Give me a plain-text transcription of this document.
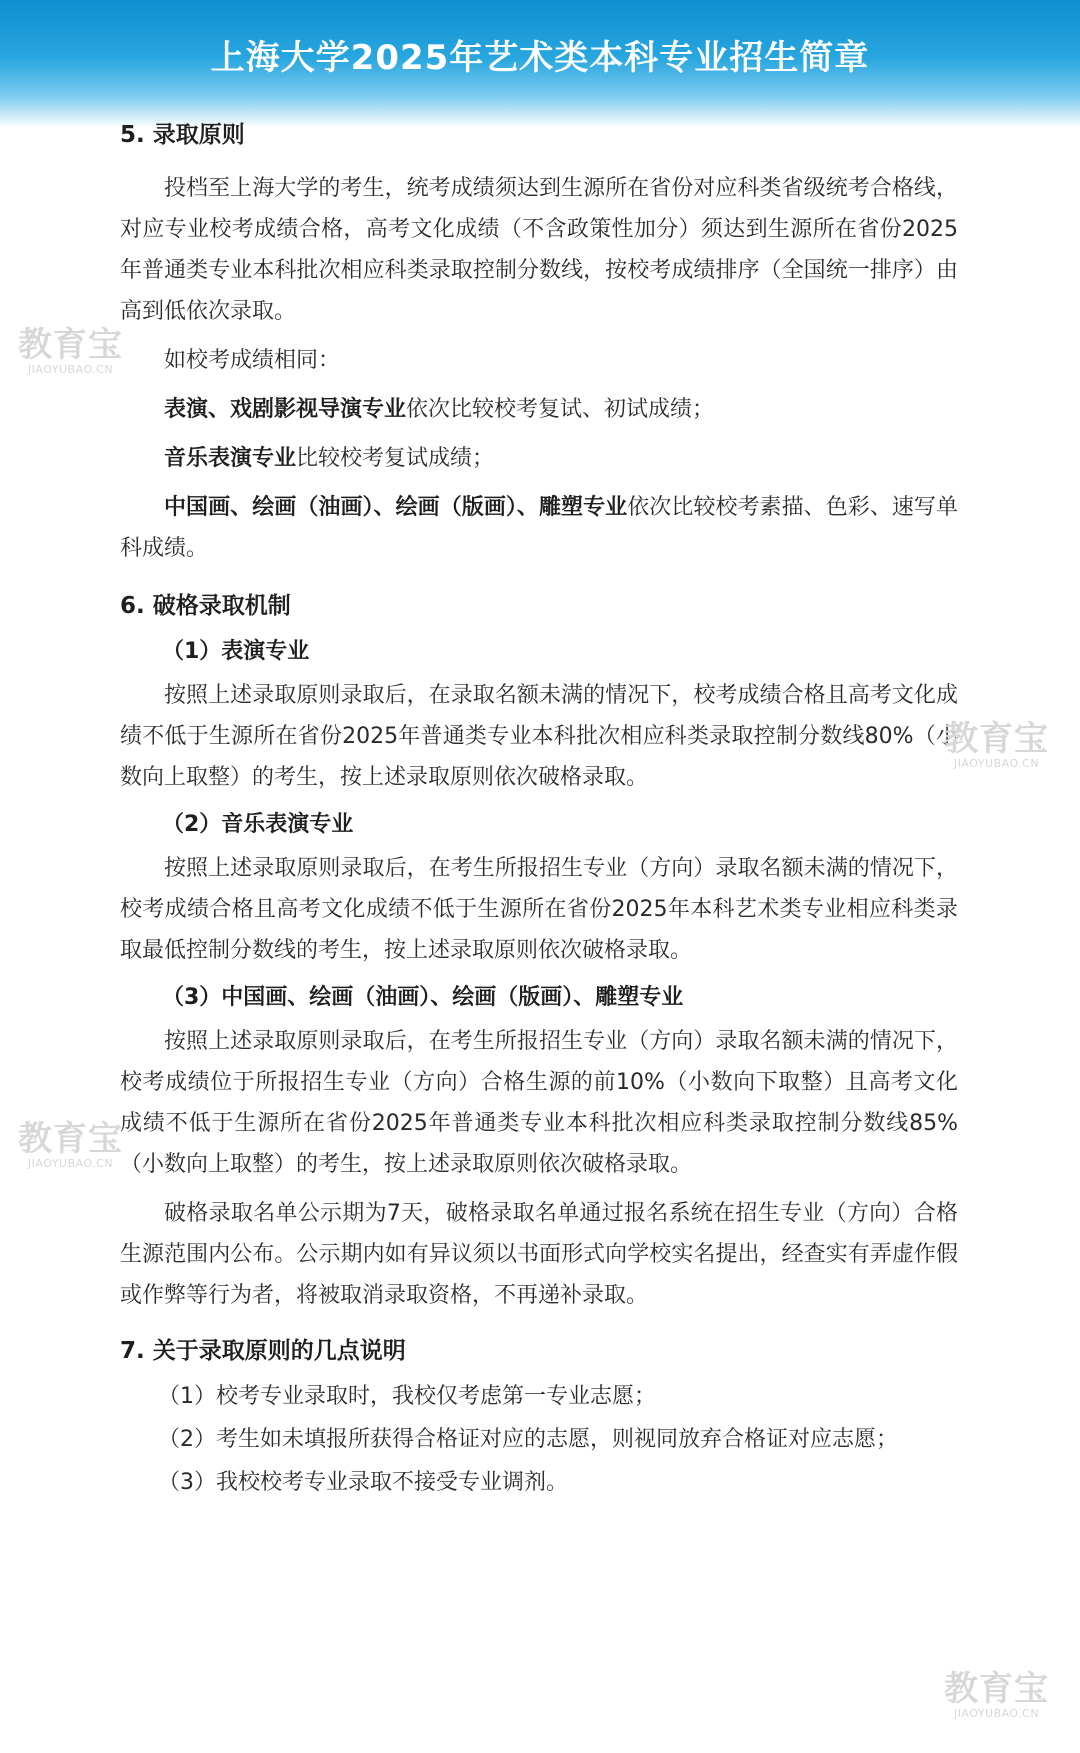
上海大学2025年艺术类本科专业招生简章
5. 录取原则
投档至上海大学的考生，统考成绩须达到生源所在省份对应科类省级统考合格线，对应专业校考成绩合格，高考文化成绩（不含政策性加分）须达到生源所在省份2025年普通类专业本科批次相应科类录取控制分数线，按校考成绩排序（全国统一排序）由高到低依次录取。
如校考成绩相同：
表演、戏剧影视导演专业依次比较校考复试、初试成绩；
音乐表演专业比较校考复试成绩；
中国画、绘画（油画）、绘画（版画）、雕塑专业依次比较校考素描、色彩、速写单科成绩。
6. 破格录取机制
（1）表演专业
按照上述录取原则录取后，在录取名额未满的情况下，校考成绩合格且高考文化成绩不低于生源所在省份2025年普通类专业本科批次相应科类录取控制分数线80%（小数向上取整）的考生，按上述录取原则依次破格录取。
（2）音乐表演专业
按照上述录取原则录取后，在考生所报招生专业（方向）录取名额未满的情况下，校考成绩合格且高考文化成绩不低于生源所在省份2025年本科艺术类专业相应科类录取最低控制分数线的考生，按上述录取原则依次破格录取。
（3）中国画、绘画（油画）、绘画（版画）、雕塑专业
按照上述录取原则录取后，在考生所报招生专业（方向）录取名额未满的情况下，校考成绩位于所报招生专业（方向）合格生源的前10%（小数向下取整）且高考文化成绩不低于生源所在省份2025年普通类专业本科批次相应科类录取控制分数线85%（小数向上取整）的考生，按上述录取原则依次破格录取。
破格录取名单公示期为7天，破格录取名单通过报名系统在招生专业（方向）合格生源范围内公布。公示期内如有异议须以书面形式向学校实名提出，经查实有弄虚作假或作弊等行为者，将被取消录取资格，不再递补录取。
7. 关于录取原则的几点说明
（1）校考专业录取时，我校仅考虑第一专业志愿；
（2）考生如未填报所获得合格证对应的志愿，则视同放弃合格证对应志愿；
（3）我校校考专业录取不接受专业调剂。
教育宝
JIAOYUBAO.CN
教育宝
JIAOYUBAO.CN
教育宝
JIAOYUBAO.CN
教育宝
JIAOYUBAO.CN
